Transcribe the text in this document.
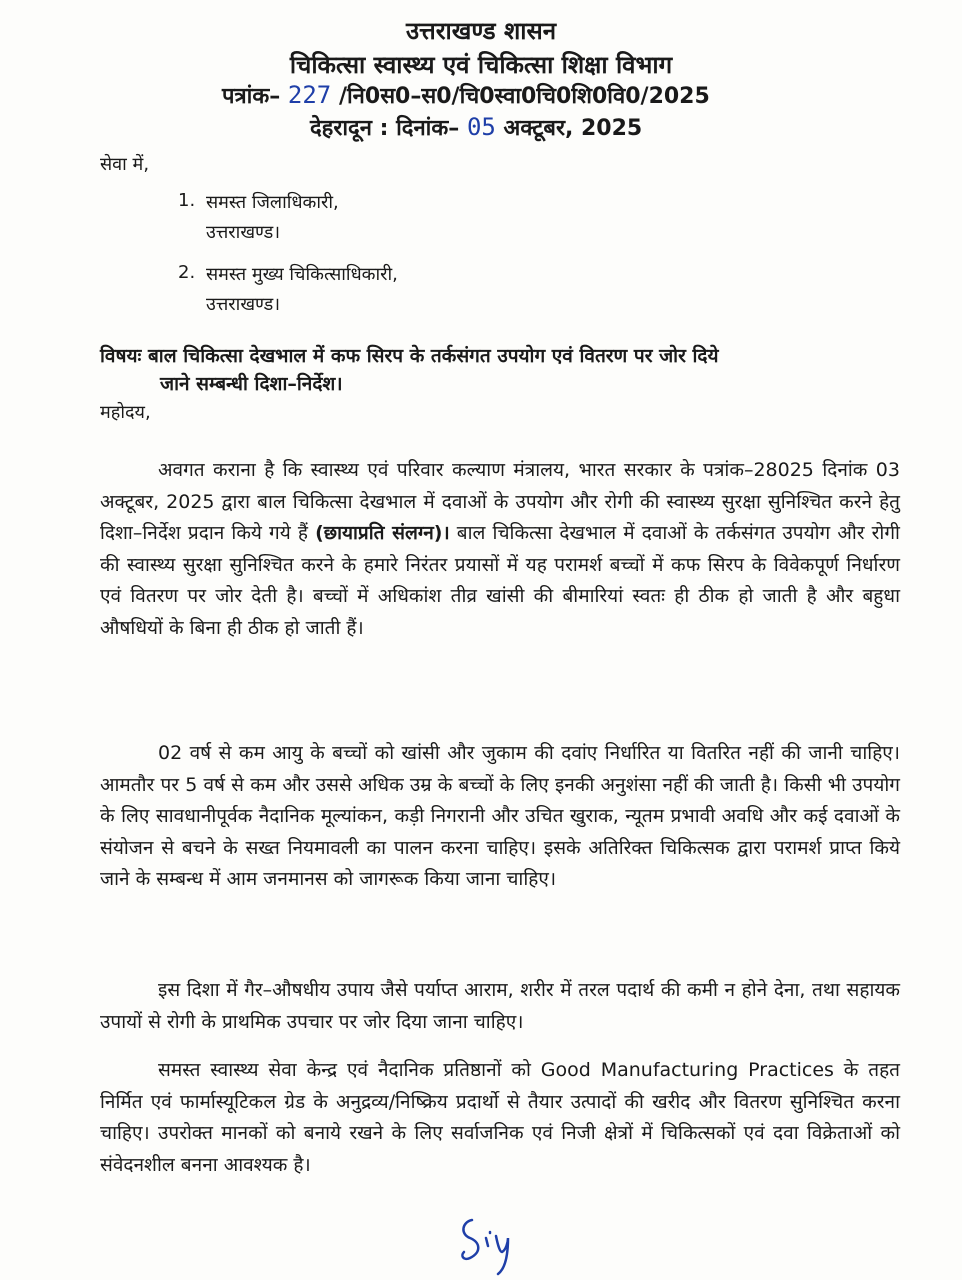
उत्तराखण्ड शासन
चिकित्सा स्वास्थ्य एवं चिकित्सा शिक्षा विभाग
पत्रांक– 227 /नि0स0–स0/चि0स्वा0चि0शि0वि0/2025
देहरादून : दिनांक– 05 अक्टूबर, 2025
सेवा में,
1. समस्त जिलाधिकारी,
उत्तराखण्ड।
2. समस्त मुख्य चिकित्साधिकारी,
उत्तराखण्ड।
विषयः बाल चिकित्सा देखभाल में कफ सिरप के तर्कसंगत उपयोग एवं वितरण पर जोर दिये
जाने सम्बन्धी दिशा–निर्देश।
महोदय,

अवगत कराना है कि स्वास्थ्य एवं परिवार कल्याण मंत्रालय, भारत सरकार के पत्रांक–28025 दिनांक 03 अक्टूबर, 2025 द्वारा बाल चिकित्सा देखभाल में दवाओं के उपयोग और रोगी की स्वास्थ्य सुरक्षा सुनिश्चित करने हेतु दिशा–निर्देश प्रदान किये गये हैं (छायाप्रति संलग्न)। बाल चिकित्सा देखभाल में दवाओं के तर्कसंगत उपयोग और रोगी की स्वास्थ्य सुरक्षा सुनिश्चित करने के हमारे निरंतर प्रयासों में यह परामर्श बच्चों में कफ सिरप के विवेकपूर्ण निर्धारण एवं वितरण पर जोर देती है। बच्चों में अधिकांश तीव्र खांसी की बीमारियां स्वतः ही ठीक हो जाती है और बहुधा औषधियों के बिना ही ठीक हो जाती हैं।

02 वर्ष से कम आयु के बच्चों को खांसी और जुकाम की दवांए निर्धारित या वितरित नहीं की जानी चाहिए। आमतौर पर 5 वर्ष से कम और उससे अधिक उम्र के बच्चों के लिए इनकी अनुशंसा नहीं की जाती है। किसी भी उपयोग के लिए सावधानीपूर्वक नैदानिक मूल्यांकन, कड़ी निगरानी और उचित खुराक, न्यूतम प्रभावी अवधि और कई दवाओं के संयोजन से बचने के सख्त नियमावली का पालन करना चाहिए। इसके अतिरिक्त चिकित्सक द्वारा परामर्श प्राप्त किये जाने के सम्बन्ध में आम जनमानस को जागरूक किया जाना चाहिए।

इस दिशा में गैर–औषधीय उपाय जैसे पर्याप्त आराम, शरीर में तरल पदार्थ की कमी न होने देना, तथा सहायक उपायों से रोगी के प्राथमिक उपचार पर जोर दिया जाना चाहिए।

समस्त स्वास्थ्य सेवा केन्द्र एवं नैदानिक प्रतिष्ठानों को Good Manufacturing Practices के तहत निर्मित एवं फार्मास्यूटिकल ग्रेड के अनुद्रव्य/निष्क्रिय प्रदार्थो से तैयार उत्पादों की खरीद और वितरण सुनिश्चित करना चाहिए। उपरोक्त मानकों को बनाये रखने के लिए सर्वाजनिक एवं निजी क्षेत्रों में चिकित्सकों एवं दवा विक्रेताओं को संवेदनशील बनना आवश्यक है।
